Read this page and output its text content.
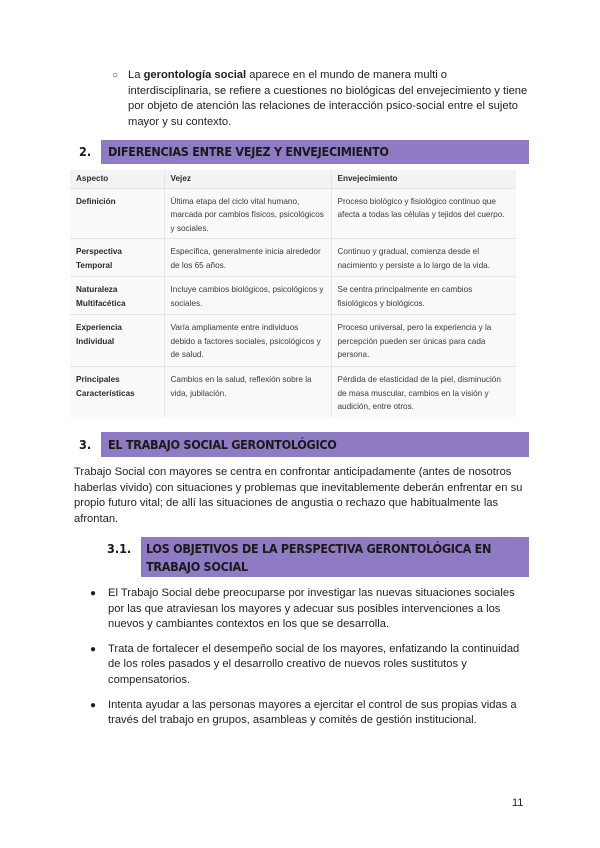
○ La gerontología social aparece en el mundo de manera multi o interdisciplinaria, se refiere a cuestiones no biológicas del envejecimiento y tiene por objeto de atención las relaciones de interacción psico-social entre el sujeto mayor y su contexto.
2.	DIFERENCIAS ENTRE VEJEZ Y ENVEJECIMIENTO
Aspecto	Vejez	Envejecimiento
Definición	Última etapa del ciclo vital humano, marcada por cambios físicos, psicológicos y sociales.	Proceso biológico y fisiológico continuo que afecta a todas las células y tejidos del cuerpo.
Perspectiva Temporal	Específica, generalmente inicia alrededor de los 65 años.	Continuo y gradual, comienza desde el nacimiento y persiste a lo largo de la vida.
Naturaleza Multifacética	Incluye cambios biológicos, psicológicos y sociales.	Se centra principalmente en cambios fisiológicos y biológicos.
Experiencia Individual	Varía ampliamente entre individuos debido a factores sociales, psicológicos y de salud.	Proceso universal, pero la experiencia y la percepción pueden ser únicas para cada persona.
Principales Características	Cambios en la salud, reflexión sobre la vida, jubilación.	Pérdida de elasticidad de la piel, disminución de masa muscular, cambios en la visión y audición, entre otros.
3.	EL TRABAJO SOCIAL GERONTOLÓGICO
Trabajo Social con mayores se centra en confrontar anticipadamente (antes de nosotros haberlas vivido) con situaciones y problemas que inevitablemente deberán enfrentar en su propio futuro vital; de allí las situaciones de angustia o rechazo que habitualmente las afrontan.
3.1.	LOS OBJETIVOS DE LA PERSPECTIVA GERONTOLÓGICA EN TRABAJO SOCIAL
● El Trabajo Social debe preocuparse por investigar las nuevas situaciones sociales por las que atraviesan los mayores y adecuar sus posibles intervenciones a los nuevos y cambiantes contextos en los que se desarrolla.
● Trata de fortalecer el desempeño social de los mayores, enfatizando la continuidad de los roles pasados y el desarrollo creativo de nuevos roles sustitutos y compensatorios.
● Intenta ayudar a las personas mayores a ejercitar el control de sus propias vidas a través del trabajo en grupos, asambleas y comités de gestión institucional.
11
